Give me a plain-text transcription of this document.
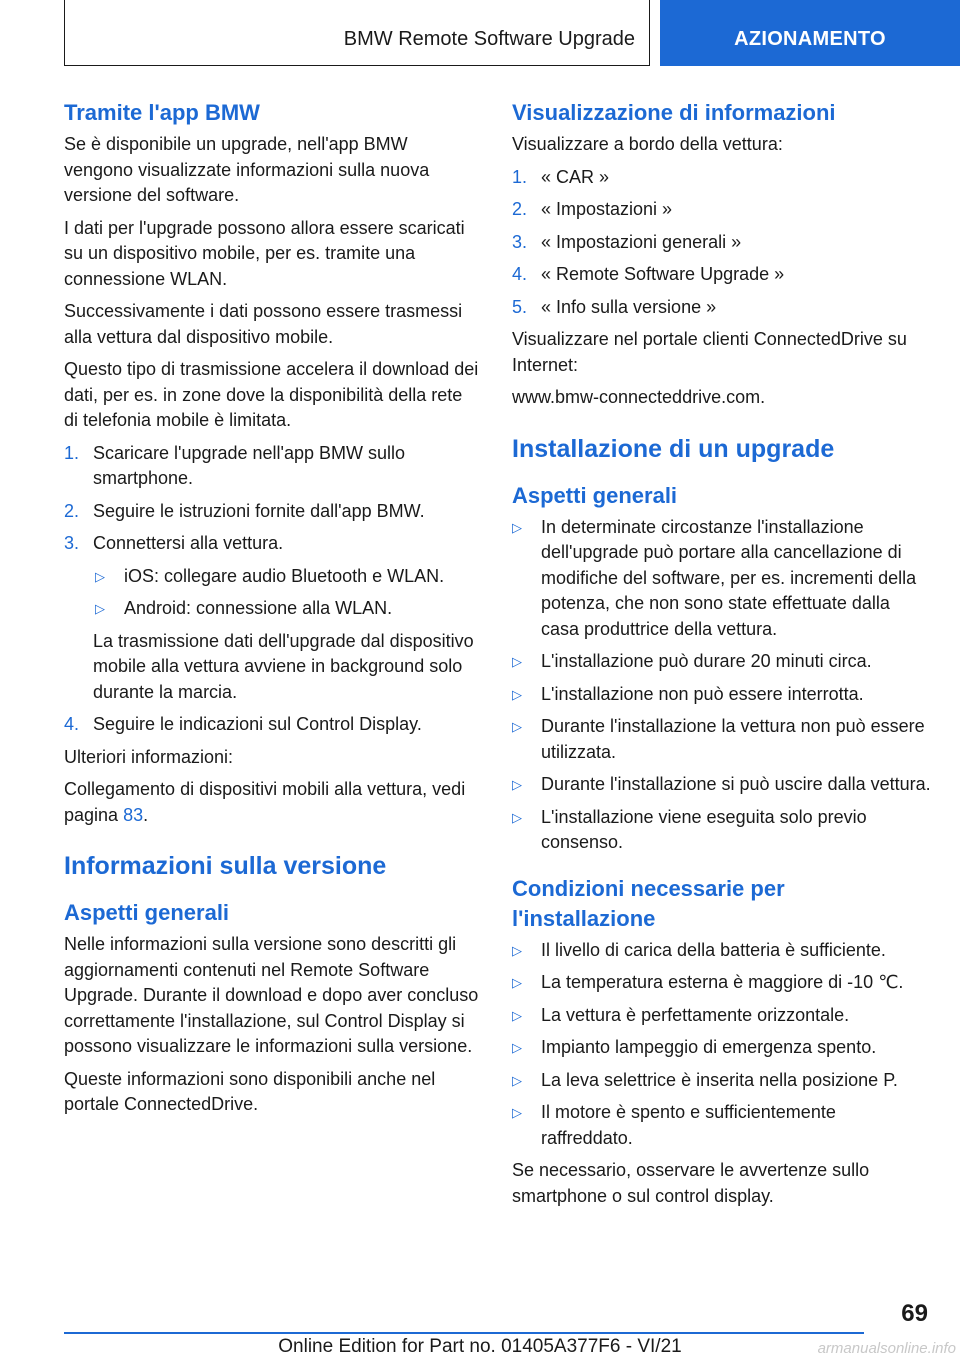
BMW Remote Software Upgrade	AZIONAMENTO
Tramite l'app BMW

Se è disponibile un upgrade, nell'app BMW vengono visualizzate informazioni sulla nuova versione del software.

I dati per l'upgrade possono allora essere scaricati su un dispositivo mobile, per es. tramite una connessione WLAN.

Successivamente i dati possono essere trasmessi alla vettura dal dispositivo mobile.

Questo tipo di trasmissione accelera il download dei dati, per es. in zone dove la disponibilità della rete di telefonia mobile è limitata.

1. Scaricare l'upgrade nell'app BMW sullo smartphone.
2. Seguire le istruzioni fornite dall'app BMW.
3. Connettersi alla vettura.
▷	iOS: collegare audio Bluetooth e WLAN.
▷	Android: connessione alla WLAN.

La trasmissione dati dell'upgrade dal dispositivo mobile alla vettura avviene in background solo durante la marcia.

4. Seguire le indicazioni sul Control Display.

Ulteriori informazioni:

Collegamento di dispositivi mobili alla vettura, vedi pagina 83.

Informazioni sulla versione
Aspetti generali

Nelle informazioni sulla versione sono descritti gli aggiornamenti contenuti nel Remote Software Upgrade. Durante il download e dopo aver concluso correttamente l'installazione, sul Control Display si possono visualizzare le informazioni sulla versione.

Queste informazioni sono disponibili anche nel portale ConnectedDrive.

Visualizzazione di informazioni

Visualizzare a bordo della vettura:

1. « CAR »
2. « Impostazioni »
3. « Impostazioni generali »
4. « Remote Software Upgrade »
5. « Info sulla versione »

Visualizzare nel portale clienti ConnectedDrive su Internet:

www.bmw-connecteddrive.com.

Installazione di un upgrade
Aspetti generali
▷	In determinate circostanze l'installazione dell'upgrade può portare alla cancellazione di modifiche del software, per es. incrementi della potenza, che non sono state effettuate dalla casa produttrice della vettura.
▷	L'installazione può durare 20 minuti circa.
▷	L'installazione non può essere interrotta.
▷	Durante l'installazione la vettura non può essere utilizzata.
▷	Durante l'installazione si può uscire dalla vettura.
▷	L'installazione viene eseguita solo previo consenso.
Condizioni necessarie per l'installazione
▷	Il livello di carica della batteria è sufficiente.
▷	La temperatura esterna è maggiore di -10 ℃.
▷	La vettura è perfettamente orizzontale.
▷	Impianto lampeggio di emergenza spento.
▷	La leva selettrice è inserita nella posizione P.
▷	Il motore è spento e sufficientemente raffreddato.

Se necessario, osservare le avvertenze sullo smartphone o sul control display.

69
Online Edition for Part no. 01405A377F6 - VI/21	armanualsonline.info
